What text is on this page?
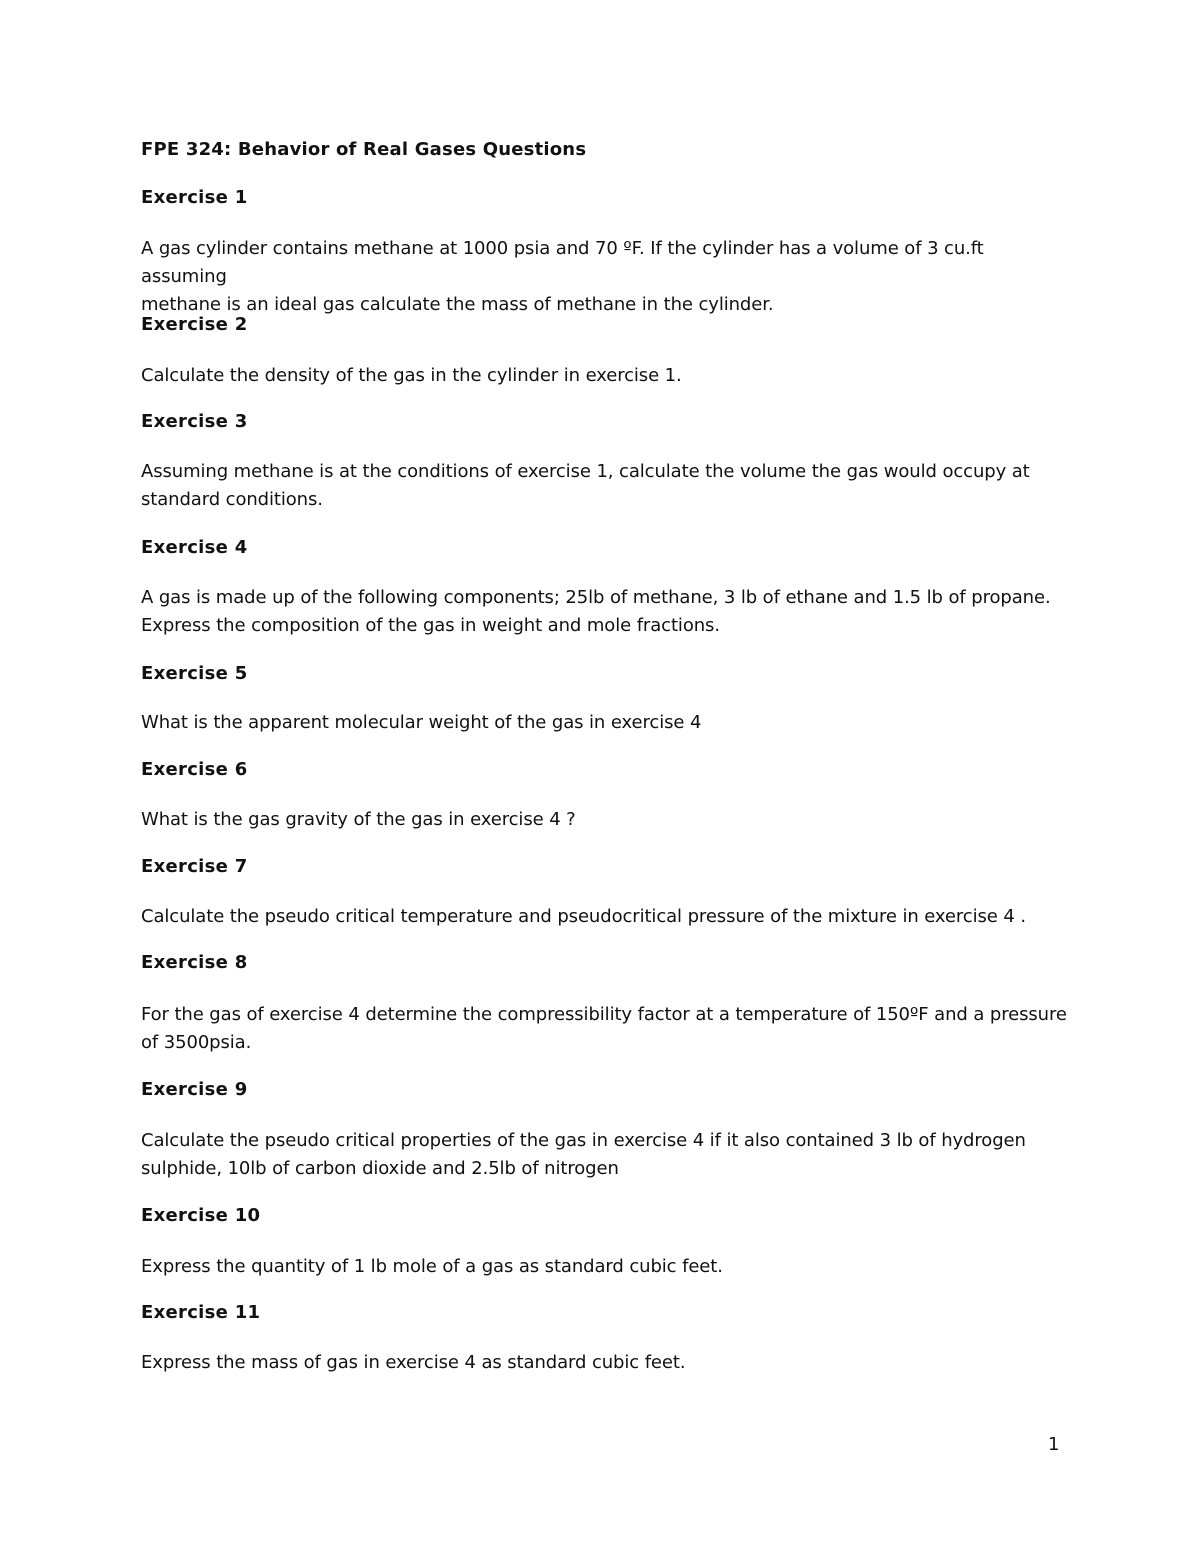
FPE 324: Behavior of Real Gases Questions
Exercise 1
A gas cylinder contains methane at 1000 psia and 70 ºF. If the cylinder has a volume of 3 cu.ft assuming
methane is an ideal gas calculate the mass of methane in the cylinder.
Exercise 2
Calculate the density of the gas in the cylinder in exercise 1.
Exercise 3
Assuming methane is at the conditions of exercise 1, calculate the volume the gas would occupy at
standard conditions.
Exercise 4
A gas is made up of the following components; 25lb of methane, 3 lb of ethane and 1.5 lb of propane.
Express the composition of the gas in weight and mole fractions.
Exercise 5
What is the apparent molecular weight of the gas in exercise 4
Exercise 6
What is the gas gravity of the gas in exercise 4 ?
Exercise 7
Calculate the pseudo critical temperature and pseudocritical pressure of the mixture in exercise 4 .
Exercise 8
For the gas of exercise 4 determine the compressibility factor at a temperature of 150ºF and a pressure
of 3500psia.
Exercise 9
Calculate the pseudo critical properties of the gas in exercise 4 if it also contained 3 lb of hydrogen
sulphide, 10lb of carbon dioxide and 2.5lb of nitrogen
Exercise 10
Express the quantity of 1 lb mole of a gas as standard cubic feet.
Exercise 11
Express the mass of gas in exercise 4 as standard cubic feet.
1
